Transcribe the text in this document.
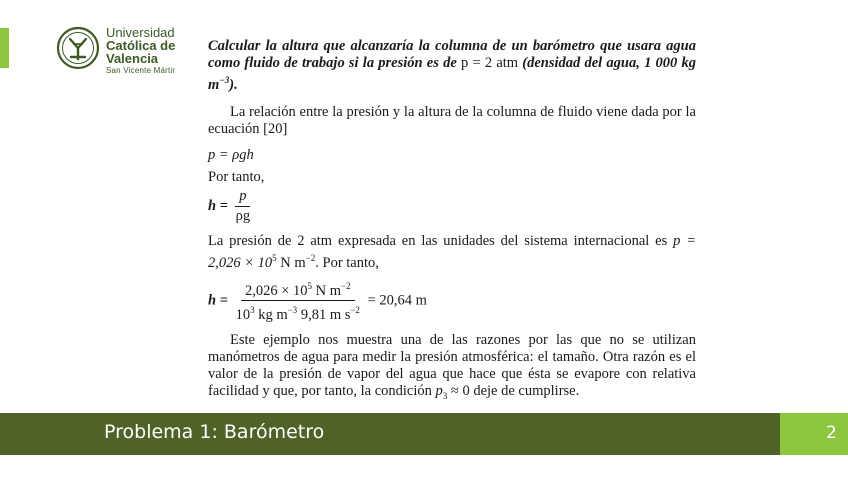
Universidad
Católica de
Valencia
San Vicente Mártir

Calcular la altura que alcanzaría la columna de un barómetro que usara agua como fluido de trabajo si la presión es de p = 2 atm (densidad del agua, 1 000 kg $m^{-3}$).

La relación entre la presión y la altura de la columna de fluido viene dada por la ecuación [20]

p = ρgh

Por tanto,

$h = \frac{p}{\rho g}$

La presión de 2 atm expresada en las unidades del sistema internacional es $p = 2,026 \times 10^5$ N $m^{-2}$. Por tanto,

$h = \frac{2,026 \times 10^5 N m^{-2}}{10^3 kg m^{-3} 9,81 m s^{-2}} = 20,64$ m

Este ejemplo nos muestra una de las razones por las que no se utilizan manómetros de agua para medir la presión atmosférica: el tamaño. Otra razón es el valor de la presión de vapor del agua que hace que ésta se evapore con relativa facilidad y que, por tanto, la condición $p_3 \approx 0$ deje de cumplirse.

Problema 1: Barómetro	2
